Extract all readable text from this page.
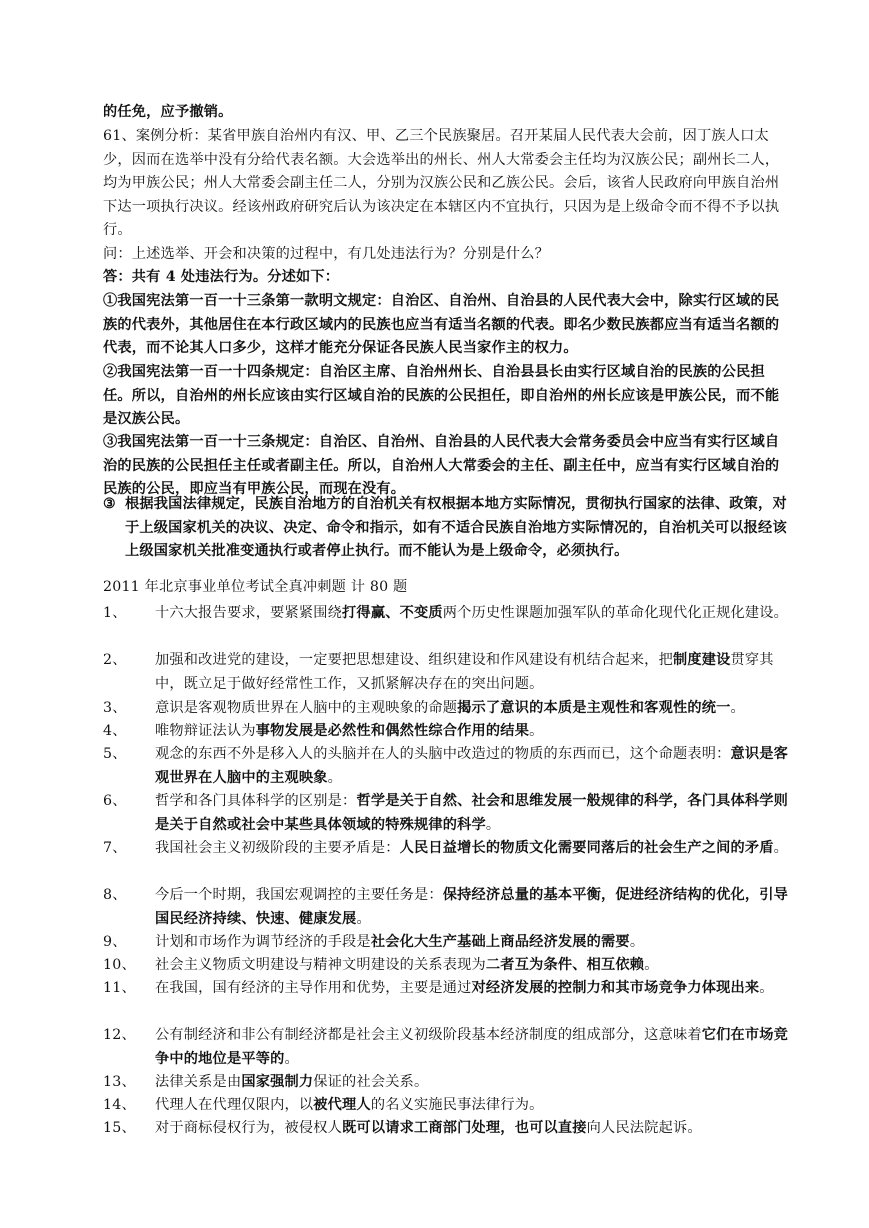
的任免，应予撤销。

61、案例分析：某省甲族自治州内有汉、甲、乙三个民族聚居。召开某届人民代表大会前，因丁族人口太少，因而在选举中没有分给代表名额。大会选举出的州长、州人大常委会主任均为汉族公民；副州长二人，均为甲族公民；州人大常委会副主任二人，分别为汉族公民和乙族公民。会后，该省人民政府向甲族自治州下达一项执行决议。经该州政府研究后认为该决定在本辖区内不宜执行，只因为是上级命令而不得不予以执行。

问：上述选举、开会和决策的过程中，有几处违法行为？分别是什么？

答：共有 4 处违法行为。分述如下：

①我国宪法第一百一十三条第一款明文规定：自治区、自治州、自治县的人民代表大会中，除实行区域的民族的代表外，其他居住在本行政区域内的民族也应当有适当名额的代表。即名少数民族都应当有适当名额的代表，而不论其人口多少，这样才能充分保证各民族人民当家作主的权力。

②我国宪法第一百一十四条规定：自治区主席、自治州州长、自治县县长由实行区域自治的民族的公民担任。所以，自治州的州长应该由实行区域自治的民族的公民担任，即自治州的州长应该是甲族公民，而不能是汉族公民。

③我国宪法第一百一十三条规定：自治区、自治州、自治县的人民代表大会常务委员会中应当有实行区域自治的民族的公民担任主任或者副主任。所以，自治州人大常委会的主任、副主任中，应当有实行区域自治的民族的公民，即应当有甲族公民，而现在没有。

③ 根据我国法律规定，民族自治地方的自治机关有权根据本地方实际情况，贯彻执行国家的法律、政策，对于上级国家机关的决议、决定、命令和指示，如有不适合民族自治地方实际情况的，自治机关可以报经该上级国家机关批准变通执行或者停止执行。而不能认为是上级命令，必须执行。
2011 年北京事业单位考试全真冲刺题 计 80 题
1、	十六大报告要求，要紧紧围绕打得赢、不变质两个历史性课题加强军队的革命化现代化正规化建设。
2、	加强和改进党的建设，一定要把思想建设、组织建设和作风建设有机结合起来，把制度建设贯穿其中，既立足于做好经常性工作，又抓紧解决存在的突出问题。
3、	意识是客观物质世界在人脑中的主观映象的命题揭示了意识的本质是主观性和客观性的统一。
4、	唯物辩证法认为事物发展是必然性和偶然性综合作用的结果。
5、	观念的东西不外是移入人的头脑并在人的头脑中改造过的物质的东西而已，这个命题表明：意识是客观世界在人脑中的主观映象。
6、	哲学和各门具体科学的区别是：哲学是关于自然、社会和思维发展一般规律的科学，各门具体科学则是关于自然或社会中某些具体领域的特殊规律的科学。
7、	我国社会主义初级阶段的主要矛盾是：人民日益增长的物质文化需要同落后的社会生产之间的矛盾。
8、	今后一个时期，我国宏观调控的主要任务是：保持经济总量的基本平衡，促进经济结构的优化，引导国民经济持续、快速、健康发展。
9、	计划和市场作为调节经济的手段是社会化大生产基础上商品经济发展的需要。
10、	社会主义物质文明建设与精神文明建设的关系表现为二者互为条件、相互依赖。
11、	在我国，国有经济的主导作用和优势，主要是通过对经济发展的控制力和其市场竞争力体现出来。
12、	公有制经济和非公有制经济都是社会主义初级阶段基本经济制度的组成部分，这意味着它们在市场竞争中的地位是平等的。
13、	法律关系是由国家强制力保证的社会关系。
14、	代理人在代理仅限内，以被代理人的名义实施民事法律行为。
15、	对于商标侵权行为，被侵权人既可以请求工商部门处理，也可以直接向人民法院起诉。
